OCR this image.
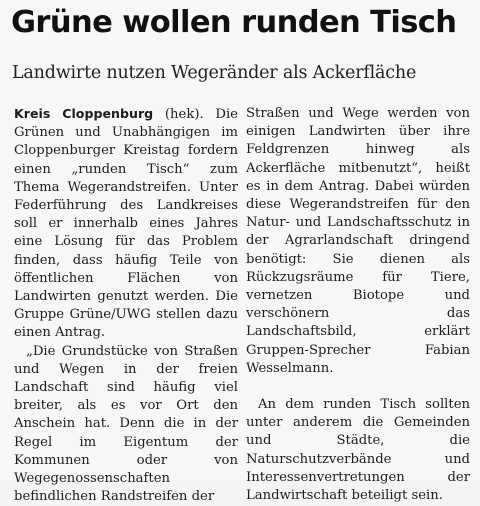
Grüne wollen runden Tisch
Landwirte nutzen Wegeränder als Ackerfläche

Kreis Cloppenburg (hek). Die Grünen und Unabhängigen im Cloppenburger Kreistag fordern einen „runden Tisch“ zum Thema Wegerandstreifen. Unter Federführung des Landkreises soll er innerhalb eines Jahres eine Lösung für das Problem finden, dass häufig Teile von öffentlichen Flächen von Landwirten genutzt werden. Die Gruppe Grüne/UWG stellen dazu einen Antrag.

„Die Grundstücke von Straßen und Wegen in der freien Landschaft sind häufig viel breiter, als es vor Ort den Anschein hat. Denn die in der Regel im Eigentum der Kommunen oder von Wegegenossenschaften befindlichen Randstreifen der

Straßen und Wege werden von einigen Landwirten über ihre Feldgrenzen hinweg als Ackerfläche mitbenutzt“, heißt es in dem Antrag. Dabei würden diese Wegerandstreifen für den Natur- und Landschaftsschutz in der Agrarlandschaft dringend benötigt: Sie dienen als Rückzugsräume für Tiere, vernetzen Biotope und verschönern das Landschaftsbild, erklärt Gruppen-Sprecher Fabian Wesselmann.

An dem runden Tisch sollten unter anderem die Gemeinden und Städte, die Naturschutzverbände und Interessenvertretungen der Landwirtschaft beteiligt sein.
